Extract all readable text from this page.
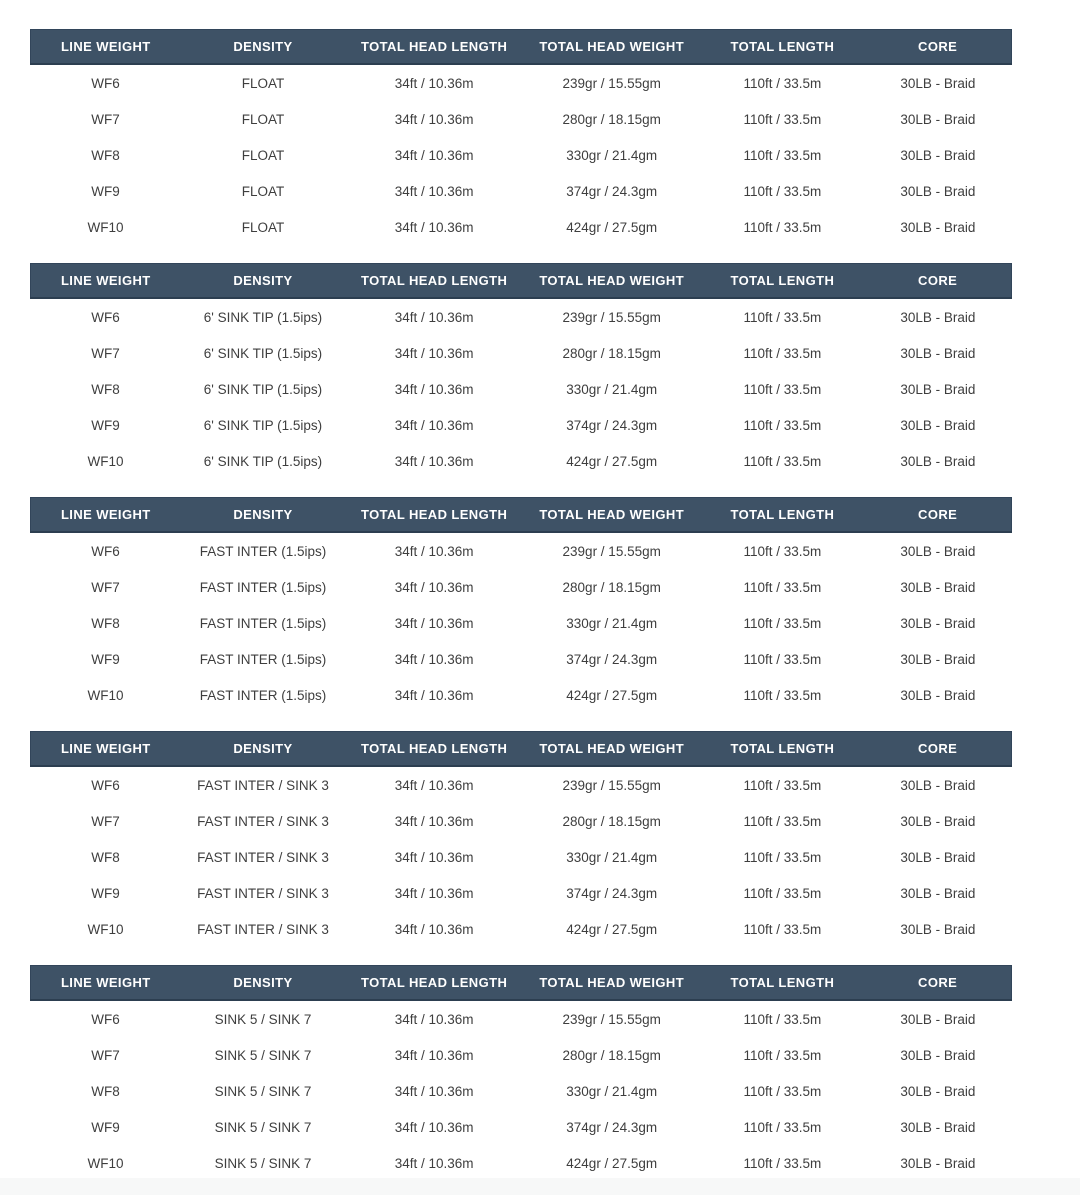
LINE WEIGHT	DENSITY	TOTAL HEAD LENGTH	TOTAL HEAD WEIGHT	TOTAL LENGTH	CORE
WF6	FLOAT	34ft / 10.36m	239gr / 15.55gm	110ft / 33.5m	30LB - Braid
WF7	FLOAT	34ft / 10.36m	280gr / 18.15gm	110ft / 33.5m	30LB - Braid
WF8	FLOAT	34ft / 10.36m	330gr / 21.4gm	110ft / 33.5m	30LB - Braid
WF9	FLOAT	34ft / 10.36m	374gr / 24.3gm	110ft / 33.5m	30LB - Braid
WF10	FLOAT	34ft / 10.36m	424gr / 27.5gm	110ft / 33.5m	30LB - Braid
LINE WEIGHT	DENSITY	TOTAL HEAD LENGTH	TOTAL HEAD WEIGHT	TOTAL LENGTH	CORE
WF6	6' SINK TIP (1.5ips)	34ft / 10.36m	239gr / 15.55gm	110ft / 33.5m	30LB - Braid
WF7	6' SINK TIP (1.5ips)	34ft / 10.36m	280gr / 18.15gm	110ft / 33.5m	30LB - Braid
WF8	6' SINK TIP (1.5ips)	34ft / 10.36m	330gr / 21.4gm	110ft / 33.5m	30LB - Braid
WF9	6' SINK TIP (1.5ips)	34ft / 10.36m	374gr / 24.3gm	110ft / 33.5m	30LB - Braid
WF10	6' SINK TIP (1.5ips)	34ft / 10.36m	424gr / 27.5gm	110ft / 33.5m	30LB - Braid
LINE WEIGHT	DENSITY	TOTAL HEAD LENGTH	TOTAL HEAD WEIGHT	TOTAL LENGTH	CORE
WF6	FAST INTER (1.5ips)	34ft / 10.36m	239gr / 15.55gm	110ft / 33.5m	30LB - Braid
WF7	FAST INTER (1.5ips)	34ft / 10.36m	280gr / 18.15gm	110ft / 33.5m	30LB - Braid
WF8	FAST INTER (1.5ips)	34ft / 10.36m	330gr / 21.4gm	110ft / 33.5m	30LB - Braid
WF9	FAST INTER (1.5ips)	34ft / 10.36m	374gr / 24.3gm	110ft / 33.5m	30LB - Braid
WF10	FAST INTER (1.5ips)	34ft / 10.36m	424gr / 27.5gm	110ft / 33.5m	30LB - Braid
LINE WEIGHT	DENSITY	TOTAL HEAD LENGTH	TOTAL HEAD WEIGHT	TOTAL LENGTH	CORE
WF6	FAST INTER / SINK 3	34ft / 10.36m	239gr / 15.55gm	110ft / 33.5m	30LB - Braid
WF7	FAST INTER / SINK 3	34ft / 10.36m	280gr / 18.15gm	110ft / 33.5m	30LB - Braid
WF8	FAST INTER / SINK 3	34ft / 10.36m	330gr / 21.4gm	110ft / 33.5m	30LB - Braid
WF9	FAST INTER / SINK 3	34ft / 10.36m	374gr / 24.3gm	110ft / 33.5m	30LB - Braid
WF10	FAST INTER / SINK 3	34ft / 10.36m	424gr / 27.5gm	110ft / 33.5m	30LB - Braid
LINE WEIGHT	DENSITY	TOTAL HEAD LENGTH	TOTAL HEAD WEIGHT	TOTAL LENGTH	CORE
WF6	SINK 5 / SINK 7	34ft / 10.36m	239gr / 15.55gm	110ft / 33.5m	30LB - Braid
WF7	SINK 5 / SINK 7	34ft / 10.36m	280gr / 18.15gm	110ft / 33.5m	30LB - Braid
WF8	SINK 5 / SINK 7	34ft / 10.36m	330gr / 21.4gm	110ft / 33.5m	30LB - Braid
WF9	SINK 5 / SINK 7	34ft / 10.36m	374gr / 24.3gm	110ft / 33.5m	30LB - Braid
WF10	SINK 5 / SINK 7	34ft / 10.36m	424gr / 27.5gm	110ft / 33.5m	30LB - Braid
